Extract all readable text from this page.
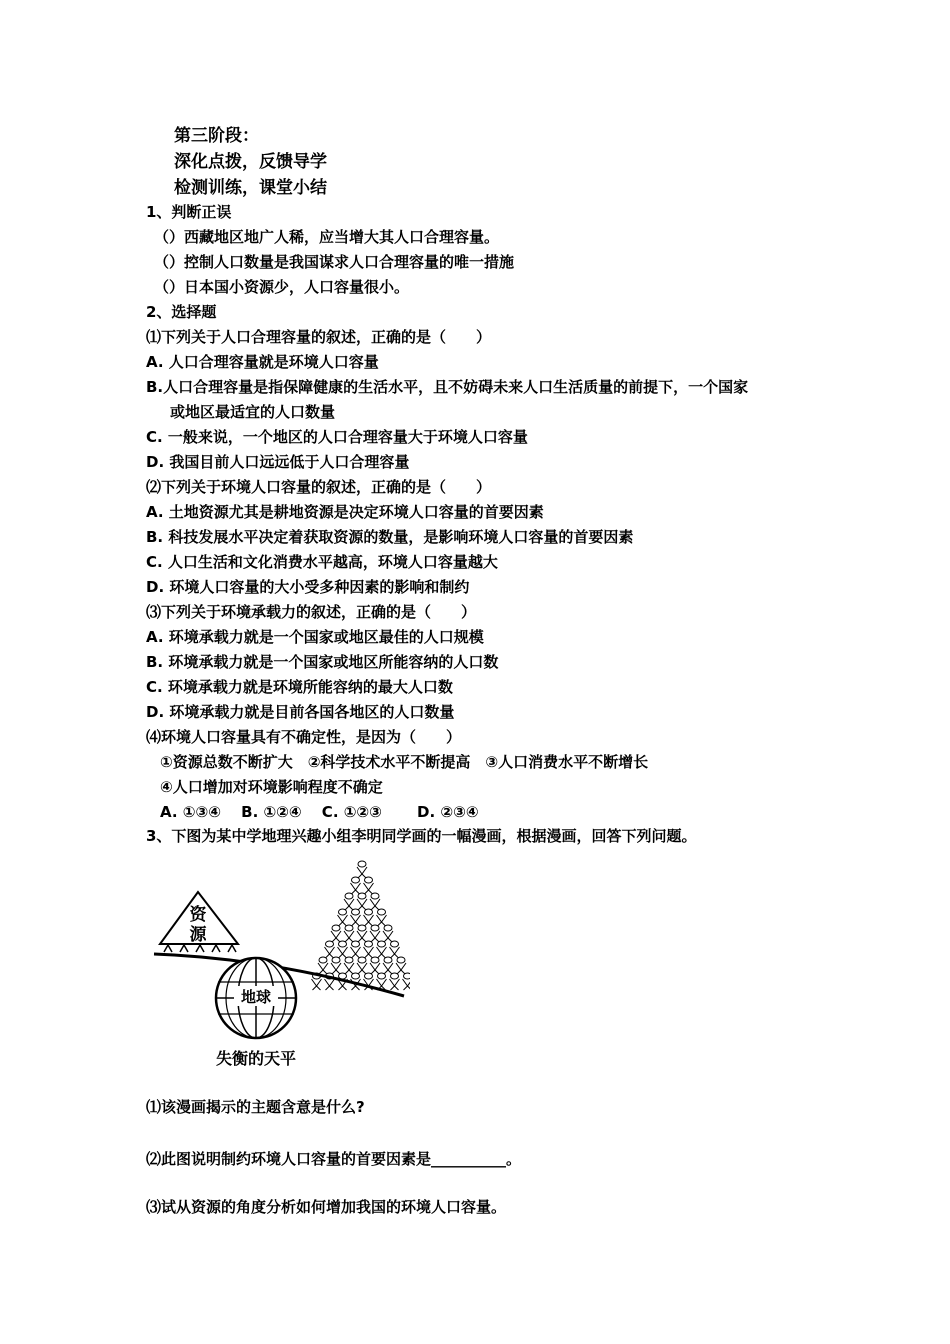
第三阶段：
深化点拨，反馈导学
检测训练，课堂小结
1、判断正误
（）西藏地区地广人稀，应当增大其人口合理容量。
（）控制人口数量是我国谋求人口合理容量的唯一措施
（）日本国小资源少，人口容量很小。
2、选择题
⑴下列关于人口合理容量的叙述，正确的是（　　）
A. 人口合理容量就是环境人口容量
B.人口合理容量是指保障健康的生活水平，且不妨碍未来人口生活质量的前提下，一个国家
或地区最适宜的人口数量
C. 一般来说，一个地区的人口合理容量大于环境人口容量
D. 我国目前人口远远低于人口合理容量
⑵下列关于环境人口容量的叙述，正确的是（　　）
A. 土地资源尤其是耕地资源是决定环境人口容量的首要因素
B. 科技发展水平决定着获取资源的数量，是影响环境人口容量的首要因素
C. 人口生活和文化消费水平越高，环境人口容量越大
D. 环境人口容量的大小受多种因素的影响和制约
⑶下列关于环境承载力的叙述，正确的是（　　）
A. 环境承载力就是一个国家或地区最佳的人口规模
B. 环境承载力就是一个国家或地区所能容纳的人口数
C. 环境承载力就是环境所能容纳的最大人口数
D. 环境承载力就是目前各国各地区的人口数量
⑷环境人口容量具有不确定性，是因为（　　）
①资源总数不断扩大　②科学技术水平不断提高　③人口消费水平不断增长
④人口增加对环境影响程度不确定
A. ①③④　 B. ①②④　 C. ①②③　　 D. ②③④
3、下图为某中学地理兴趣小组李明同学画的一幅漫画，根据漫画，回答下列问题。
资
源
地球
失衡的天平
⑴该漫画揭示的主题含意是什么?
⑵此图说明制约环境人口容量的首要因素是__________。
⑶试从资源的角度分析如何增加我国的环境人口容量。
